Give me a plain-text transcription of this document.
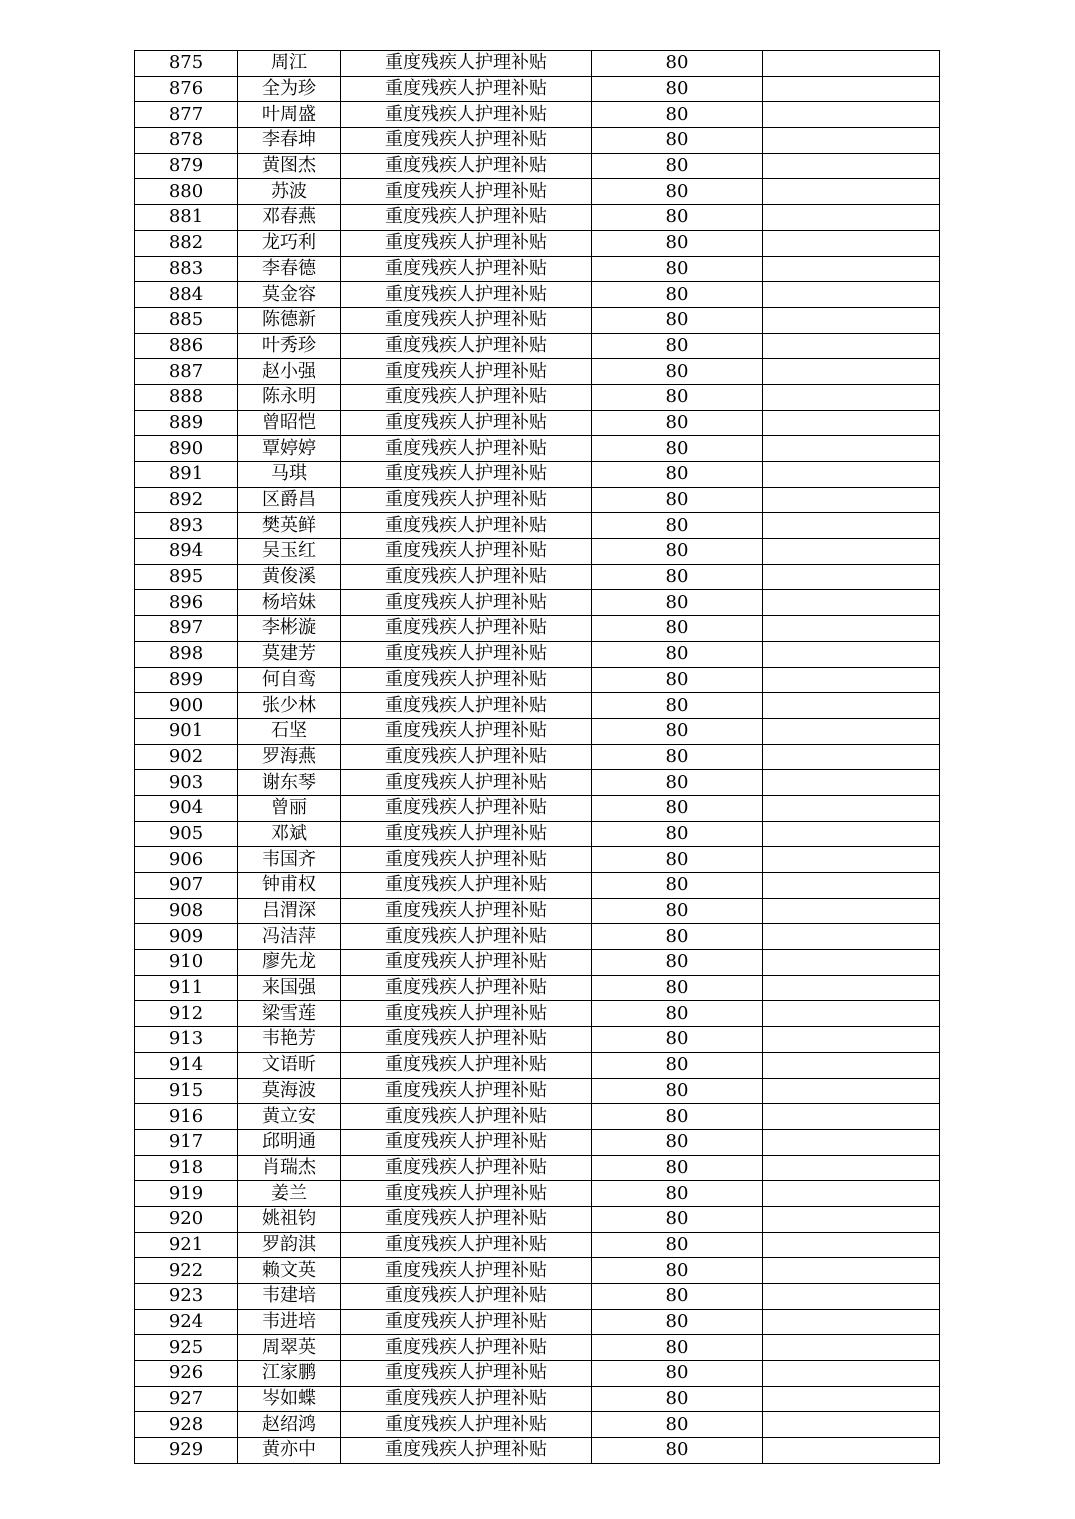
875	周江	重度残疾人护理补贴	80	
876	全为珍	重度残疾人护理补贴	80	
877	叶周盛	重度残疾人护理补贴	80	
878	李春坤	重度残疾人护理补贴	80	
879	黄图杰	重度残疾人护理补贴	80	
880	苏波	重度残疾人护理补贴	80	
881	邓春燕	重度残疾人护理补贴	80	
882	龙巧利	重度残疾人护理补贴	80	
883	李春德	重度残疾人护理补贴	80	
884	莫金容	重度残疾人护理补贴	80	
885	陈德新	重度残疾人护理补贴	80	
886	叶秀珍	重度残疾人护理补贴	80	
887	赵小强	重度残疾人护理补贴	80	
888	陈永明	重度残疾人护理补贴	80	
889	曾昭恺	重度残疾人护理补贴	80	
890	覃婷婷	重度残疾人护理补贴	80	
891	马琪	重度残疾人护理补贴	80	
892	区爵昌	重度残疾人护理补贴	80	
893	樊英鲜	重度残疾人护理补贴	80	
894	吴玉红	重度残疾人护理补贴	80	
895	黄俊溪	重度残疾人护理补贴	80	
896	杨培妹	重度残疾人护理补贴	80	
897	李彬漩	重度残疾人护理补贴	80	
898	莫建芳	重度残疾人护理补贴	80	
899	何自鸾	重度残疾人护理补贴	80	
900	张少林	重度残疾人护理补贴	80	
901	石坚	重度残疾人护理补贴	80	
902	罗海燕	重度残疾人护理补贴	80	
903	谢东琴	重度残疾人护理补贴	80	
904	曾丽	重度残疾人护理补贴	80	
905	邓斌	重度残疾人护理补贴	80	
906	韦国齐	重度残疾人护理补贴	80	
907	钟甫权	重度残疾人护理补贴	80	
908	吕渭深	重度残疾人护理补贴	80	
909	冯洁萍	重度残疾人护理补贴	80	
910	廖先龙	重度残疾人护理补贴	80	
911	来国强	重度残疾人护理补贴	80	
912	梁雪莲	重度残疾人护理补贴	80	
913	韦艳芳	重度残疾人护理补贴	80	
914	文语昕	重度残疾人护理补贴	80	
915	莫海波	重度残疾人护理补贴	80	
916	黄立安	重度残疾人护理补贴	80	
917	邱明通	重度残疾人护理补贴	80	
918	肖瑞杰	重度残疾人护理补贴	80	
919	姜兰	重度残疾人护理补贴	80	
920	姚祖钧	重度残疾人护理补贴	80	
921	罗韵淇	重度残疾人护理补贴	80	
922	赖文英	重度残疾人护理补贴	80	
923	韦建培	重度残疾人护理补贴	80	
924	韦进培	重度残疾人护理补贴	80	
925	周翠英	重度残疾人护理补贴	80	
926	江家鹏	重度残疾人护理补贴	80	
927	岑如蝶	重度残疾人护理补贴	80	
928	赵绍鸿	重度残疾人护理补贴	80	
929	黄亦中	重度残疾人护理补贴	80	
